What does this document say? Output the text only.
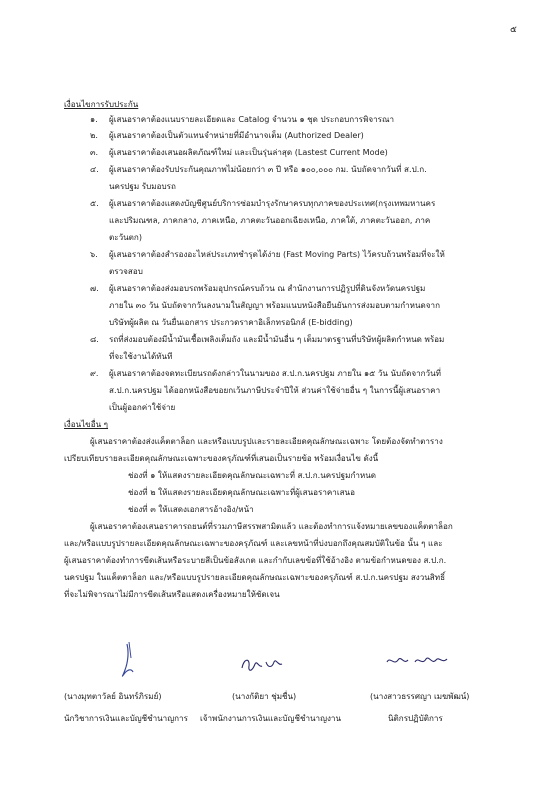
๕
เงื่อนไขการรับประกัน
๑. ผู้เสนอราคาต้องแนบรายละเอียดและ Catalog จำนวน ๑ ชุด ประกอบการพิจารณา
๒. ผู้เสนอราคาต้องเป็นตัวแทนจำหน่ายที่มีอำนาจเต็ม (Authorized Dealer)
๓. ผู้เสนอราคาต้องเสนอผลิตภัณฑ์ใหม่ และเป็นรุ่นล่าสุด (Lastest Current Mode)
๔. ผู้เสนอราคาต้องรับประกันคุณภาพไม่น้อยกว่า ๓ ปี หรือ ๑๐๐,๐๐๐ กม. นับถัดจากวันที่ ส.ป.ก.
นครปฐม รับมอบรถ
๕. ผู้เสนอราคาต้องแสดงบัญชีศูนย์บริการซ่อมบำรุงรักษาครบทุกภาคของประเทศ(กรุงเทพมหานคร
และปริมณฑล, ภาคกลาง, ภาคเหนือ, ภาคตะวันออกเฉียงเหนือ, ภาคใต้, ภาคตะวันออก, ภาค
ตะวันตก)
๖. ผู้เสนอราคาต้องสำรองอะไหล่ประเภทชำรุดได้ง่าย (Fast Moving Parts) ไว้ครบถ้วนพร้อมที่จะให้
ตรวจสอบ
๗. ผู้เสนอราคาต้องส่งมอบรถพร้อมอุปกรณ์ครบถ้วน ณ สำนักงานการปฏิรูปที่ดินจังหวัดนครปฐม
ภายใน ๓๐ วัน นับถัดจากวันลงนามในสัญญา พร้อมแนบหนังสือยืนยันการส่งมอบตามกำหนดจาก
บริษัทผู้ผลิต ณ วันยื่นเอกสาร ประกวดราคาอิเล็กทรอนิกส์ (E-bidding)
๘. รถที่ส่งมอบต้องมีน้ำมันเชื้อเพลิงเต็มถัง และมีน้ำมันอื่น ๆ เต็มมาตรฐานที่บริษัทผู้ผลิตกำหนด พร้อม
ที่จะใช้งานได้ทันที
๙. ผู้เสนอราคาต้องจดทะเบียนรถดังกล่าวในนามของ ส.ป.ก.นครปฐม ภายใน ๑๕ วัน นับถัดจากวันที่
ส.ป.ก.นครปฐม ได้ออกหนังสือขอยกเว้นภาษีประจำปีให้ ส่วนค่าใช้จ่ายอื่น ๆ ในการนี้ผู้เสนอราคา
เป็นผู้ออกค่าใช้จ่าย
เงื่อนไขอื่น ๆ
ผู้เสนอราคาต้องส่งแค็ตตาล็อก และหรือแบบรูปและรายละเอียดคุณลักษณะเฉพาะ โดยต้องจัดทำตาราง
เปรียบเทียบรายละเอียดคุณลักษณะเฉพาะของครุภัณฑ์ที่เสนอเป็นรายข้อ พร้อมเงื่อนไข ดังนี้
ช่องที่ ๑ ให้แสดงรายละเอียดคุณลักษณะเฉพาะที่ ส.ป.ก.นครปฐมกำหนด
ช่องที่ ๒ ให้แสดงรายละเอียดคุณลักษณะเฉพาะที่ผู้เสนอราคาเสนอ
ช่องที่ ๓ ให้แสดงเอกสารอ้างอิง/หน้า
ผู้เสนอราคาต้องเสนอราคารถยนต์ที่รวมภาษีสรรพสามิตแล้ว และต้องทำการแจ้งหมายเลขของแค็ตตาล็อก
และ/หรือแบบรูปรายละเอียดคุณลักษณะเฉพาะของครุภัณฑ์ และเลขหน้าที่บ่งบอกถึงคุณสมบัติในข้อ นั้น ๆ และ
ผู้เสนอราคาต้องทำการขีดเส้นหรือระบายสีเป็นข้อสังเกต และกำกับเลขข้อที่ใช้อ้างอิง ตามข้อกำหนดของ ส.ป.ก.
นครปฐม ในแค็ตตาล็อก และ/หรือแบบรูปรายละเอียดคุณลักษณะเฉพาะของครุภัณฑ์ ส.ป.ก.นครปฐม สงวนสิทธิ์
ที่จะไม่พิจารณาไม่มีการขีดเส้นหรือแสดงเครื่องหมายให้ชัดเจน
(นางมุทตาวัลย์ อินทร์ภิรมย์)
นักวิชาการเงินและบัญชีชำนาญการ
(นางกัติยา ชุ่มชื่น)
เจ้าพนักงานการเงินและบัญชีชำนาญงาน
(นางสาวธรรศญา เมฆพัฒน์)
นิติกรปฏิบัติการ
